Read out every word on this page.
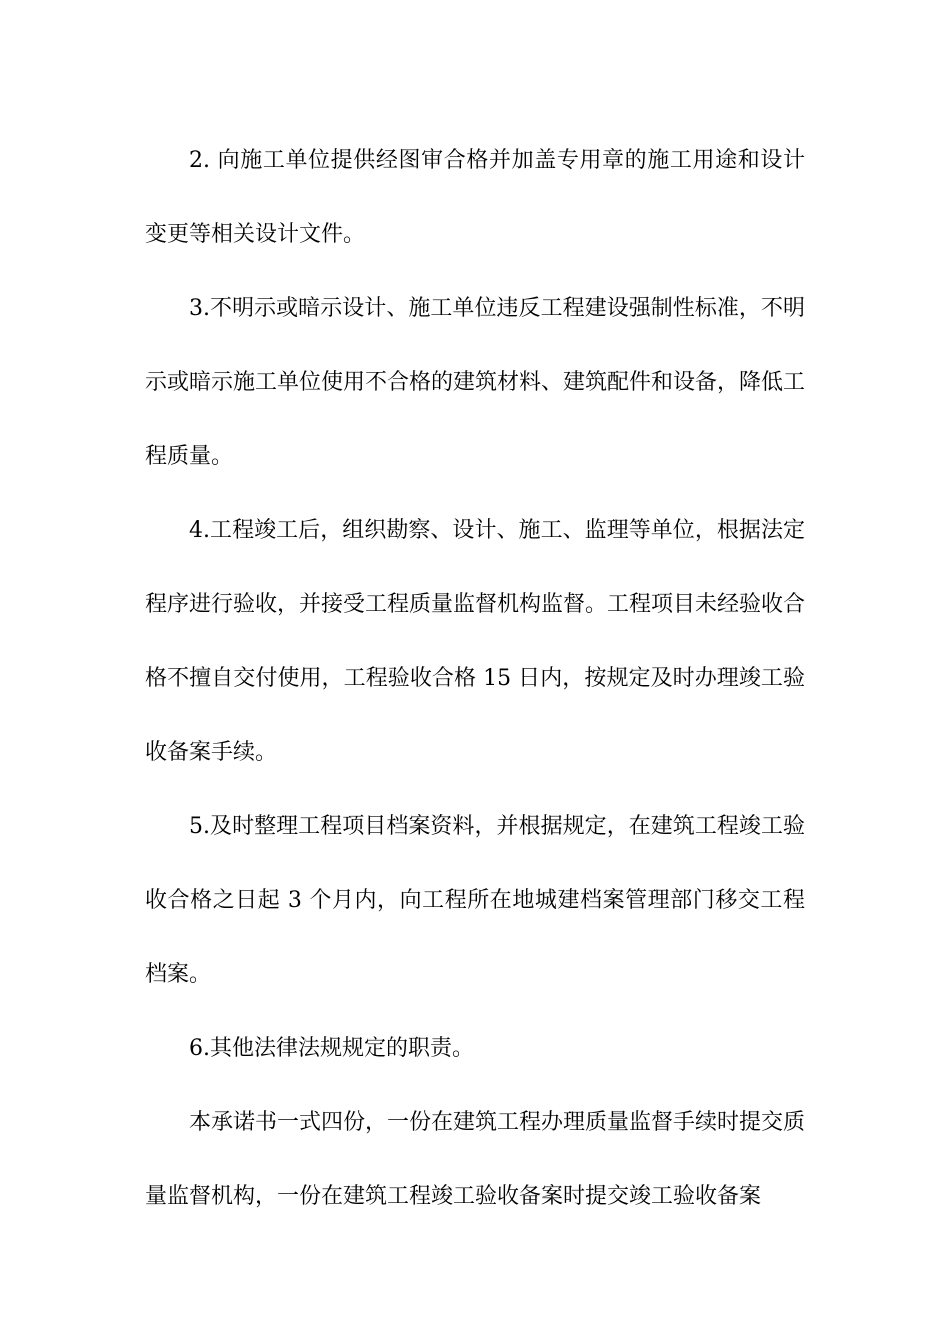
2. 向施工单位提供经图审合格并加盖专用章的施工用途和设计变更等相关设计文件。

3.不明示或暗示设计、施工单位违反工程建设强制性标准，不明示或暗示施工单位使用不合格的建筑材料、建筑配件和设备，降低工程质量。

4.工程竣工后，组织勘察、设计、施工、监理等单位，根据法定程序进行验收，并接受工程质量监督机构监督。工程项目未经验收合格不擅自交付使用，工程验收合格 15 日内，按规定及时办理竣工验收备案手续。

5.及时整理工程项目档案资料，并根据规定，在建筑工程竣工验收合格之日起 3 个月内，向工程所在地城建档案管理部门移交工程档案。

6.其他法律法规规定的职责。

本承诺书一式四份，一份在建筑工程办理质量监督手续时提交质量监督机构，一份在建筑工程竣工验收备案时提交竣工验收备案
